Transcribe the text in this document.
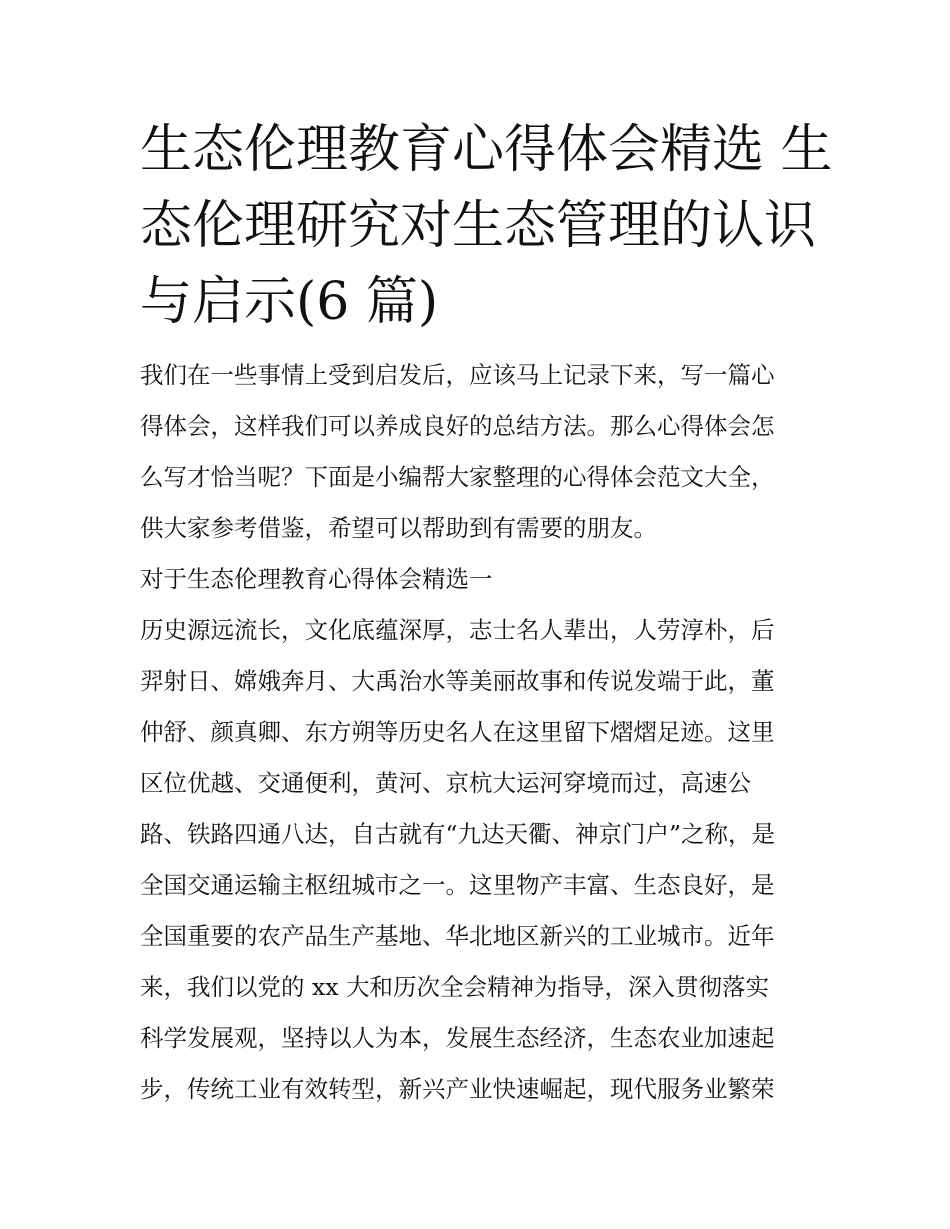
生态伦理教育心得体会精选 生
态伦理研究对生态管理的认识
与启示(6 篇)
我们在一些事情上受到启发后，应该马上记录下来，写一篇心
得体会，这样我们可以养成良好的总结方法。那么心得体会怎
么写才恰当呢？下面是小编帮大家整理的心得体会范文大全，
供大家参考借鉴，希望可以帮助到有需要的朋友。
对于生态伦理教育心得体会精选一
历史源远流长，文化底蕴深厚，志士名人辈出，人劳淳朴，后
羿射日、嫦娥奔月、大禹治水等美丽故事和传说发端于此，董
仲舒、颜真卿、东方朔等历史名人在这里留下熠熠足迹。这里
区位优越、交通便利，黄河、京杭大运河穿境而过，高速公
路、铁路四通八达，自古就有“九达天衢、神京门户”之称，是
全国交通运输主枢纽城市之一。这里物产丰富、生态良好，是
全国重要的农产品生产基地、华北地区新兴的工业城市。近年
来，我们以党的 xx 大和历次全会精神为指导，深入贯彻落实
科学发展观，坚持以人为本，发展生态经济，生态农业加速起
步，传统工业有效转型，新兴产业快速崛起，现代服务业繁荣
